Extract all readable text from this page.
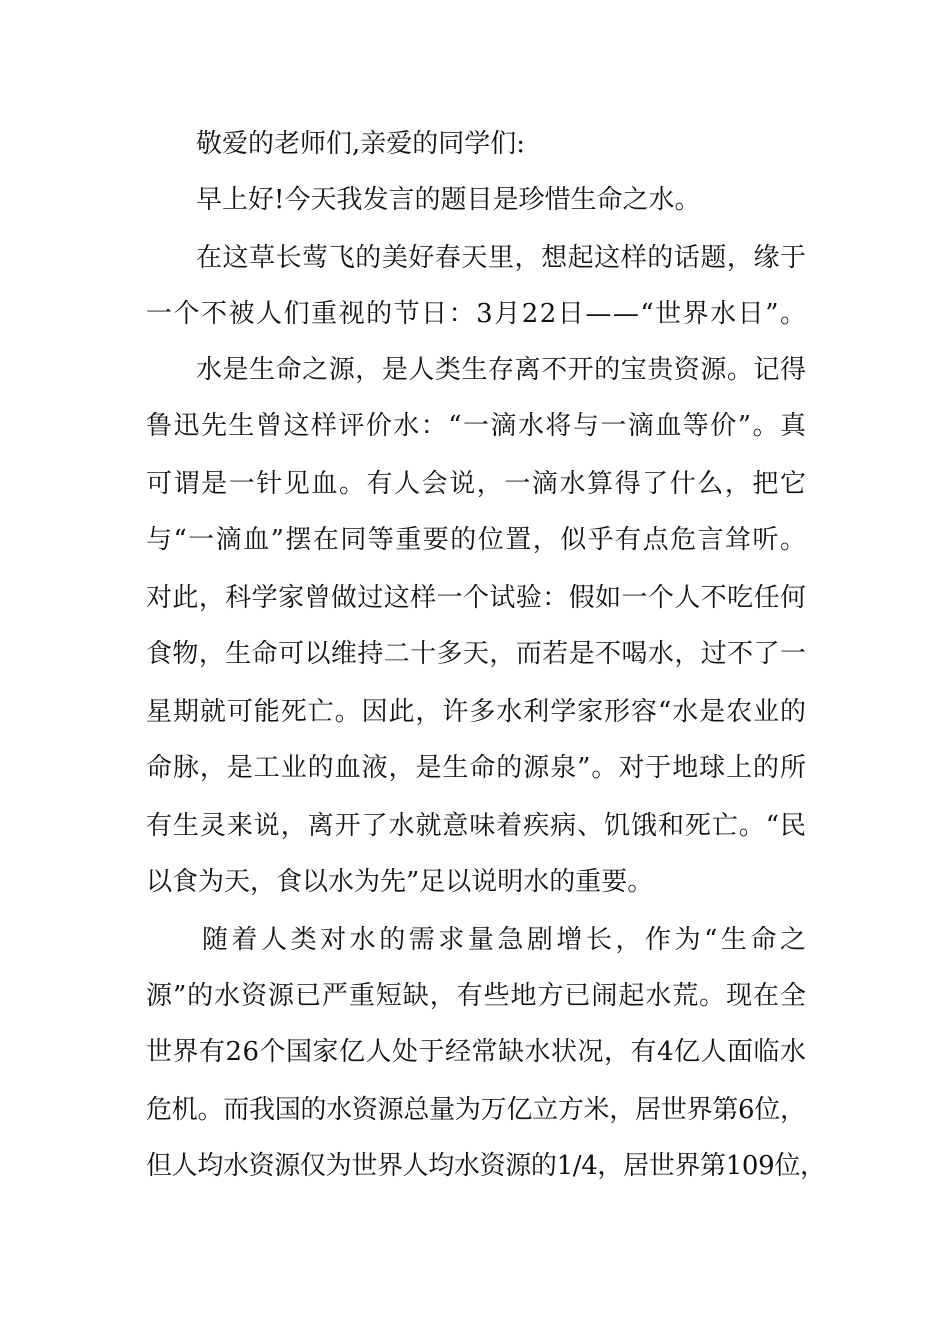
敬爱的老师们,亲爱的同学们:
早上好!今天我发言的题目是珍惜生命之水。
在这草长莺飞的美好春天里，想起这样的话题，缘于
一个不被人们重视的节日：3月22日——“世界水日”。
水是生命之源，是人类生存离不开的宝贵资源。记得
鲁迅先生曾这样评价水：“一滴水将与一滴血等价”。真
可谓是一针见血。有人会说，一滴水算得了什么，把它
与“一滴血”摆在同等重要的位置，似乎有点危言耸听。
对此，科学家曾做过这样一个试验：假如一个人不吃任何
食物，生命可以维持二十多天，而若是不喝水，过不了一
星期就可能死亡。因此，许多水利学家形容“水是农业的
命脉，是工业的血液，是生命的源泉”。对于地球上的所
有生灵来说，离开了水就意味着疾病、饥饿和死亡。“民
以食为天，食以水为先”足以说明水的重要。
随着人类对水的需求量急剧增长，作为“生命之
源”的水资源已严重短缺，有些地方已闹起水荒。现在全
世界有26个国家亿人处于经常缺水状况，有4亿人面临水
危机。而我国的水资源总量为万亿立方米，居世界第6位，
但人均水资源仅为世界人均水资源的1/4，居世界第109位，
